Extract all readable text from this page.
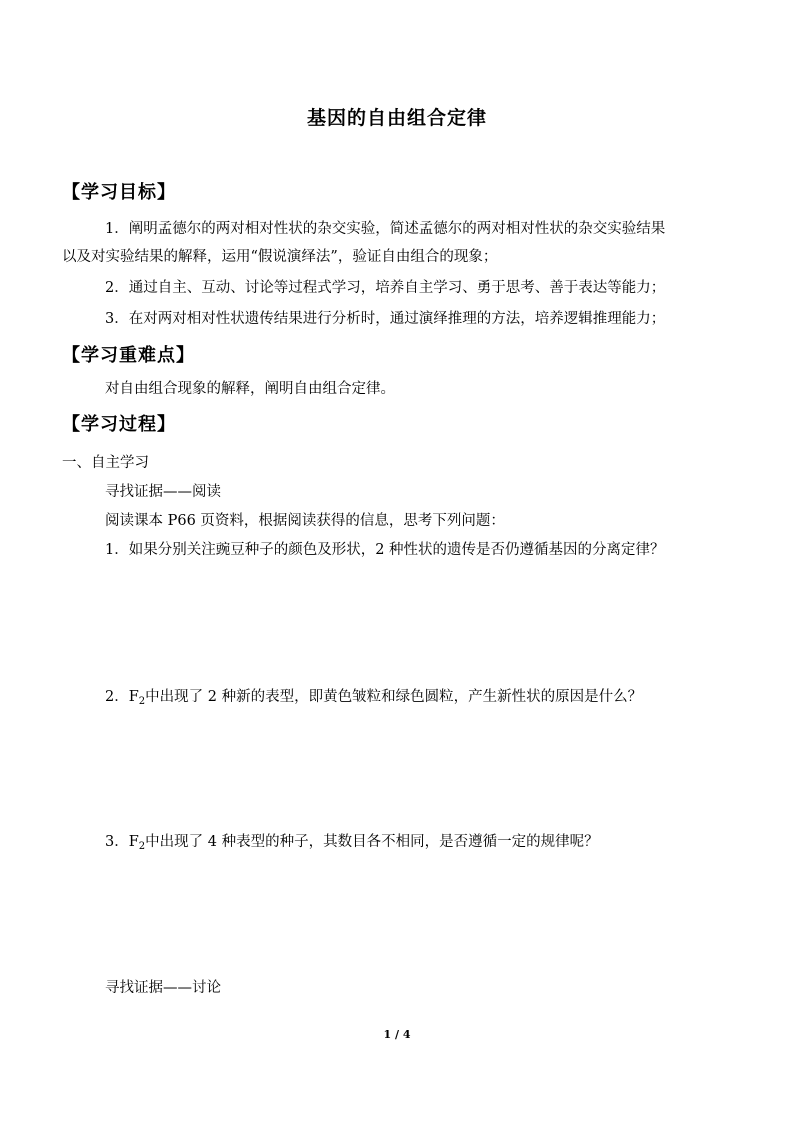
基因的自由组合定律
【学习目标】
1．阐明孟德尔的两对相对性状的杂交实验，简述孟德尔的两对相对性状的杂交实验结果
以及对实验结果的解释，运用“假说演绎法”，验证自由组合的现象；
2．通过自主、互动、讨论等过程式学习，培养自主学习、勇于思考、善于表达等能力；
3．在对两对相对性状遗传结果进行分析时，通过演绎推理的方法，培养逻辑推理能力；
【学习重难点】
对自由组合现象的解释，阐明自由组合定律。
【学习过程】
一、自主学习
寻找证据——阅读
阅读课本 P66 页资料，根据阅读获得的信息，思考下列问题：
1．如果分别关注豌豆种子的颜色及形状，2 种性状的遗传是否仍遵循基因的分离定律？
2．$F_2$中出现了 2 种新的表型，即黄色皱粒和绿色圆粒，产生新性状的原因是什么？
3．$F_2$中出现了 4 种表型的种子，其数目各不相同，是否遵循一定的规律呢？
寻找证据——讨论
1 / 4
